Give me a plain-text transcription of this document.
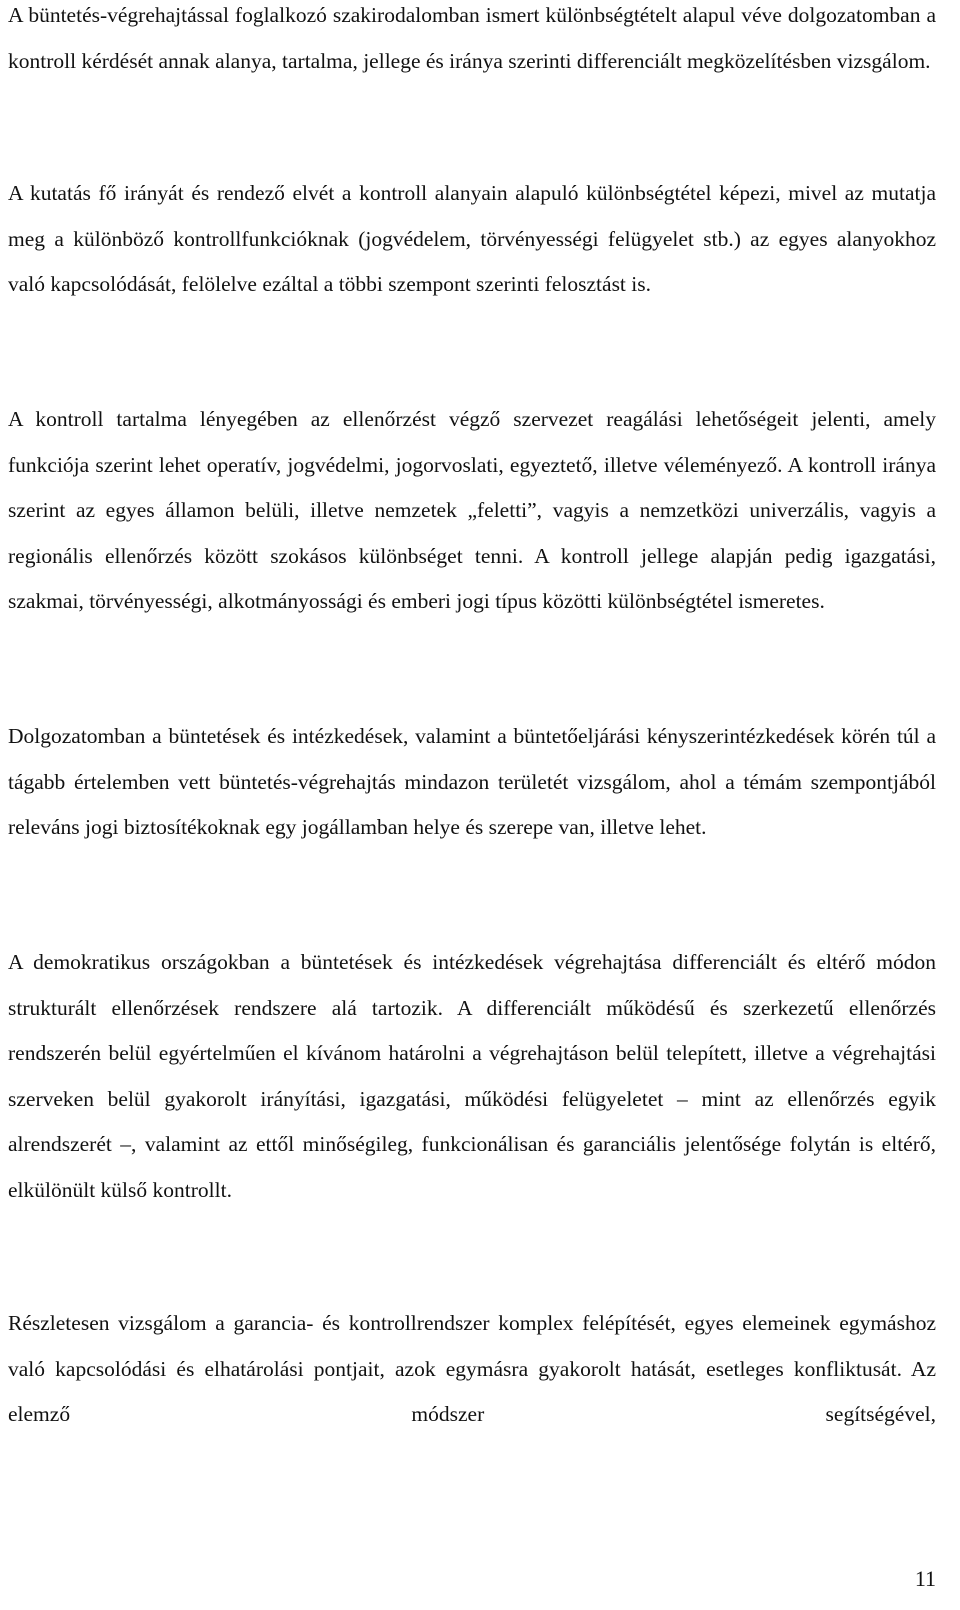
A büntetés-végrehajtással foglalkozó szakirodalomban ismert különbségtételt alapul véve dolgozatomban a kontroll kérdését annak alanya, tartalma, jellege és iránya szerinti differenciált megközelítésben vizsgálom.

A kutatás fő irányát és rendező elvét a kontroll alanyain alapuló különbségtétel képezi, mivel az mutatja meg a különböző kontrollfunkcióknak (jogvédelem, törvényességi felügyelet stb.) az egyes alanyokhoz való kapcsolódását, felölelve ezáltal a többi szempont szerinti felosztást is.

A kontroll tartalma lényegében az ellenőrzést végző szervezet reagálási lehetőségeit jelenti, amely funkciója szerint lehet operatív, jogvédelmi, jogorvoslati, egyeztető, illetve véleményező. A kontroll iránya szerint az egyes államon belüli, illetve nemzetek „feletti”, vagyis a nemzetközi univerzális, vagyis a regionális ellenőrzés között szokásos különbséget tenni. A kontroll jellege alapján pedig igazgatási, szakmai, törvényességi, alkotmányossági és emberi jogi típus közötti különbségtétel ismeretes.

Dolgozatomban a büntetések és intézkedések, valamint a büntetőeljárási kényszerintézkedések körén túl a tágabb értelemben vett büntetés-végrehajtás mindazon területét vizsgálom, ahol a témám szempontjából releváns jogi biztosítékoknak egy jogállamban helye és szerepe van, illetve lehet.

A demokratikus országokban a büntetések és intézkedések végrehajtása differenciált és eltérő módon strukturált ellenőrzések rendszere alá tartozik. A differenciált működésű és szerkezetű ellenőrzés rendszerén belül egyértelműen el kívánom határolni a végrehajtáson belül telepített, illetve a végrehajtási szerveken belül gyakorolt irányítási, igazgatási, működési felügyeletet – mint az ellenőrzés egyik alrendszerét –, valamint az ettől minőségileg, funkcionálisan és garanciális jelentősége folytán is eltérő, elkülönült külső kontrollt.

Részletesen vizsgálom a garancia- és kontrollrendszer komplex felépítését, egyes elemeinek egymáshoz való kapcsolódási és elhatárolási pontjait, azok egymásra gyakorolt hatását, esetleges konfliktusát. Az elemző módszer segítségével,

11
